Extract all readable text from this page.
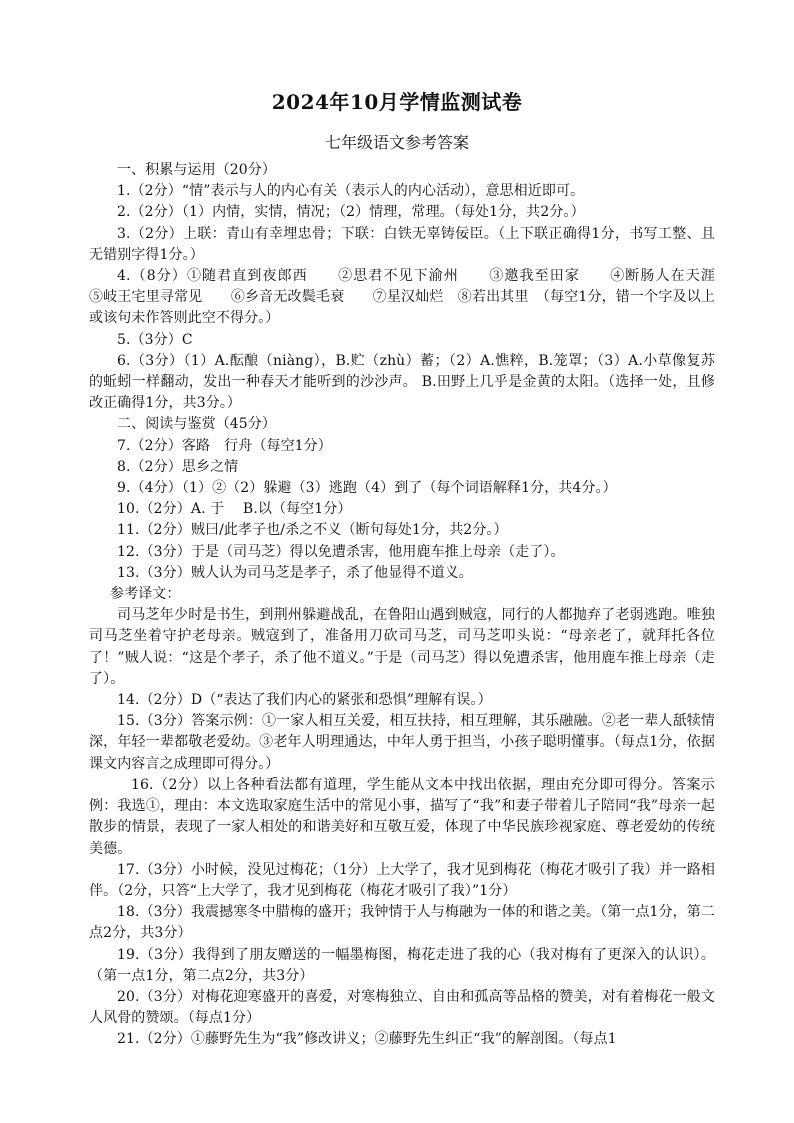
2024年10月学情监测试卷
七年级语文参考答案

一、积累与运用（20分）

1.（2分）“情”表示与人的内心有关（表示人的内心活动），意思相近即可。

2.（2分）（1）内情，实情，情况；（2）情理，常理。（每处1分，共2分。）

3.（2分）上联：青山有幸埋忠骨；下联：白铁无辜铸佞臣。（上下联正确得1分，书写工整、且无错别字得1分。）

4.（8分）①随君直到夜郎西　　②思君不见下渝州　　③邀我至田家　　④断肠人在天涯　　⑤岐王宅里寻常见　　⑥乡音无改鬓毛衰　　⑦星汉灿烂　⑧若出其里　（每空1分，错一个字及以上或该句未作答则此空不得分。）

5.（3分）C

6.（3分）（1）A.酝酿（niàng），B.贮（zhù）蓄；（2）A.憔粹，B.笼罩；（3）A.小草像复苏的蚯蚓一样翻动，发出一种春天才能听到的沙沙声。 B.田野上几乎是金黄的太阳。（选择一处，且修改正确得1分，共3分。）

二、阅读与鉴赏（45分）

7.（2分）客路　行舟（每空1分）

8.（2分）思乡之情

9.（4分）（1）②（2）躲避（3）逃跑（4）到了（每个词语解释1分，共4分。）

10.（2分）A. 于　 B.以（每空1分）

11.（2分）贼曰/此孝子也/杀之不义（断句每处1分，共2分。）

12.（3分）于是（司马芝）得以免遭杀害，他用鹿车推上母亲（走了）。

13.（3分）贼人认为司马芝是孝子，杀了他显得不道义。

参考译文：

司马芝年少时是书生，到荆州躲避战乱，在鲁阳山遇到贼寇，同行的人都抛弃了老弱逃跑。唯独司马芝坐着守护老母亲。贼寇到了，准备用刀砍司马芝，司马芝叩头说：“母亲老了，就拜托各位了！”贼人说：“这是个孝子，杀了他不道义。”于是（司马芝）得以免遭杀害，他用鹿车推上母亲（走了）。

14.（2分）D（“表达了我们内心的紧张和恐惧”理解有误。）

15.（3分）答案示例：①一家人相互关爱，相互扶持，相互理解，其乐融融。②老一辈人舐犊情深，年轻一辈都敬老爱幼。③老年人明理通达，中年人勇于担当，小孩子聪明懂事。（每点1分，依据课文内容言之成理即可得分。）

16.（2分）以上各种看法都有道理，学生能从文本中找出依据，理由充分即可得分。答案示例：我选①，理由：本文选取家庭生活中的常见小事，描写了“我”和妻子带着儿子陪同“我”母亲一起散步的情景，表现了一家人相处的和谐美好和互敬互爱，体现了中华民族珍视家庭、尊老爱幼的传统美德。

17.（3分）小时候，没见过梅花；（1分）上大学了，我才见到梅花（梅花才吸引了我）并一路相伴。（2分，只答“上大学了，我才见到梅花（梅花才吸引了我）”1分）

18.（3分）我震撼寒冬中腊梅的盛开；我钟情于人与梅融为一体的和谐之美。（第一点1分，第二点2分，共3分）

19.（3分）我得到了朋友赠送的一幅墨梅图，梅花走进了我的心（我对梅有了更深入的认识）。（第一点1分，第二点2分，共3分）

20.（3分）对梅花迎寒盛开的喜爱，对寒梅独立、自由和孤高等品格的赞美，对有着梅花一般文人风骨的赞颂。（每点1分）

21.（2分）①藤野先生为“我”修改讲义；②藤野先生纠正“我”的解剖图。（每点1
